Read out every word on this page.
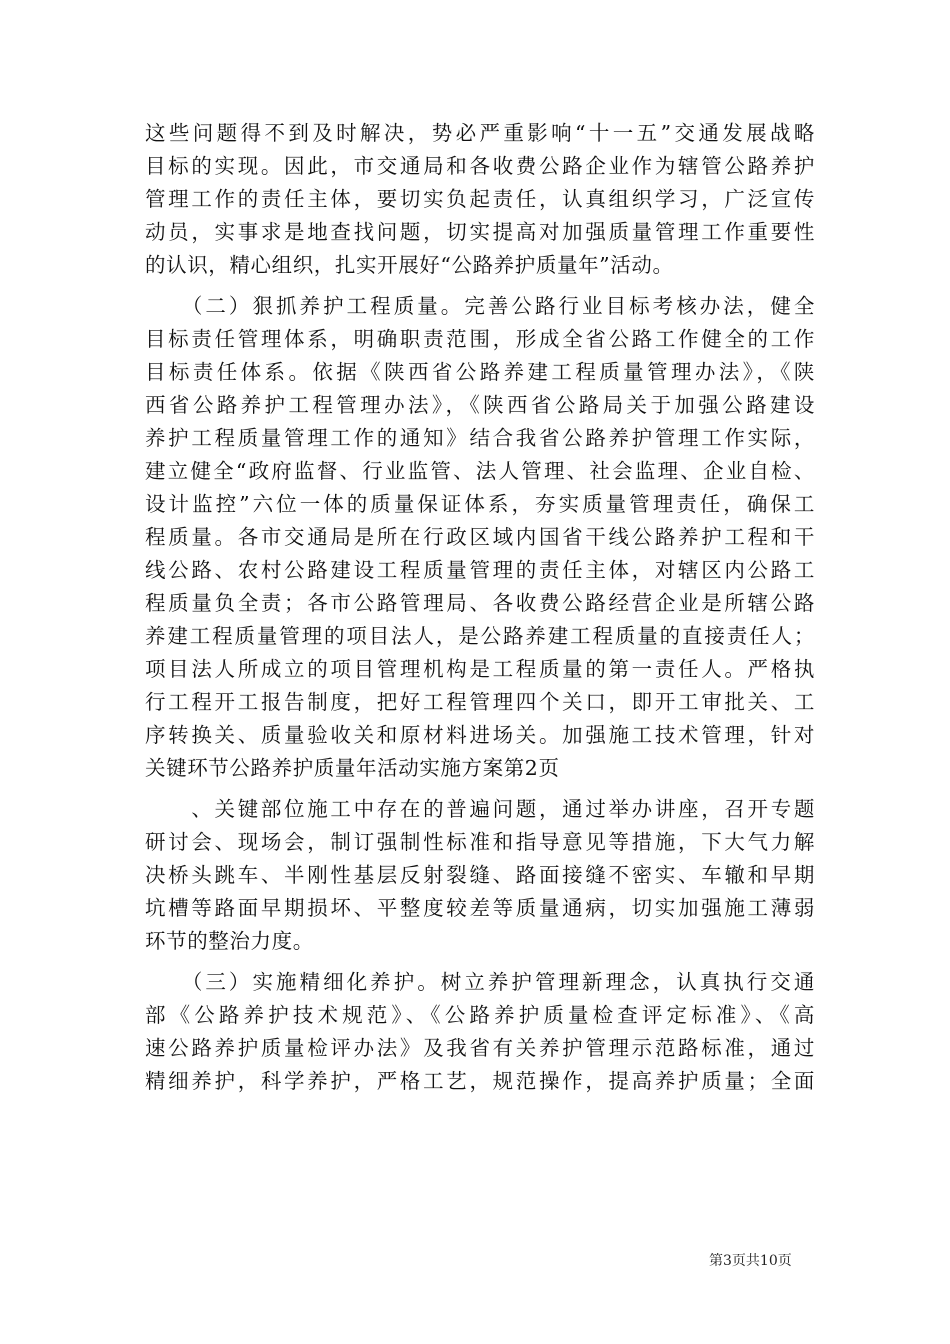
这些问题得不到及时解决，势必严重影响“十一五”交通发展战略
目标的实现。因此，市交通局和各收费公路企业作为辖管公路养护
管理工作的责任主体，要切实负起责任，认真组织学习，广泛宣传
动员，实事求是地查找问题，切实提高对加强质量管理工作重要性
的认识，精心组织，扎实开展好“公路养护质量年”活动。
　　（二）狠抓养护工程质量。完善公路行业目标考核办法，健全
目标责任管理体系，明确职责范围，形成全省公路工作健全的工作
目标责任体系。依据《陕西省公路养建工程质量管理办法》，《陕
西省公路养护工程管理办法》，《陕西省公路局关于加强公路建设
养护工程质量管理工作的通知》结合我省公路养护管理工作实际，
建立健全“政府监督、行业监管、法人管理、社会监理、企业自检、
设计监控”六位一体的质量保证体系，夯实质量管理责任，确保工
程质量。各市交通局是所在行政区域内国省干线公路养护工程和干
线公路、农村公路建设工程质量管理的责任主体，对辖区内公路工
程质量负全责；各市公路管理局、各收费公路经营企业是所辖公路
养建工程质量管理的项目法人，是公路养建工程质量的直接责任人；
项目法人所成立的项目管理机构是工程质量的第一责任人。严格执
行工程开工报告制度，把好工程管理四个关口，即开工审批关、工
序转换关、质量验收关和原材料进场关。加强施工技术管理，针对
关键环节公路养护质量年活动实施方案第2页
　　、关键部位施工中存在的普遍问题，通过举办讲座，召开专题
研讨会、现场会，制订强制性标准和指导意见等措施，下大气力解
决桥头跳车、半刚性基层反射裂缝、路面接缝不密实、车辙和早期
坑槽等路面早期损坏、平整度较差等质量通病，切实加强施工薄弱
环节的整治力度。
　　（三）实施精细化养护。树立养护管理新理念，认真执行交通
部《公路养护技术规范》、《公路养护质量检查评定标准》、《高
速公路养护质量检评办法》及我省有关养护管理示范路标准，通过
精细养护，科学养护，严格工艺，规范操作，提高养护质量；全面
第3页共10页
